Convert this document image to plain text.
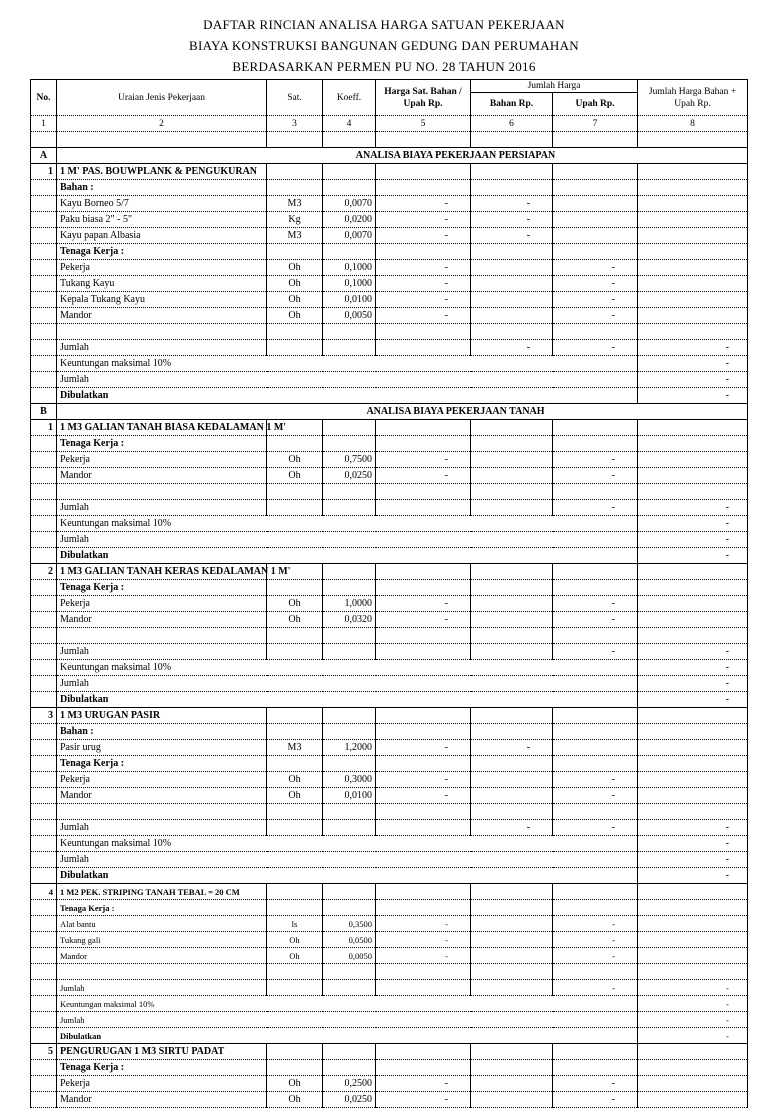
DAFTAR RINCIAN ANALISA HARGA SATUAN PEKERJAAN
BIAYA KONSTRUKSI BANGUNAN GEDUNG DAN PERUMAHAN
BERDASARKAN PERMEN PU NO. 28 TAHUN 2016
No.	Uraian Jenis Pekerjaan	Sat.	Koeff.	Harga Sat. Bahan / Upah Rp.	Jumlah Harga		Jumlah Harga Bahan + Upah Rp.
					Bahan Rp.	Upah Rp.	
1	2	3	4	5	6	7	8

A	ANALISA BIAYA PEKERJAAN PERSIAPAN						
1	1 M' PAS. BOUWPLANK & PENGUKURAN						
	Bahan :						
	Kayu Borneo 5/7	M3	0,0070	-	-		
	Paku biasa 2" - 5"	Kg	0,0200	-	-		
	Kayu papan Albasia	M3	0,0070	-	-		
	Tenaga Kerja :						
	Pekerja	Oh	0,1000	-		-	
	Tukang Kayu	Oh	0,1000	-		-	
	Kepala Tukang Kayu	Oh	0,0100	-		-	
	Mandor	Oh	0,0050	-		-	

	Jumlah				-	-	-
	Keuntungan maksimal 10%						-
	Jumlah						-
	Dibulatkan						-
B	ANALISA BIAYA PEKERJAAN TANAH						
1	1 M3 GALIAN TANAH BIASA KEDALAMAN 1 M'						
	Tenaga Kerja :						
	Pekerja	Oh	0,7500	-		-	
	Mandor	Oh	0,0250	-		-	

	Jumlah					-	-
	Keuntungan maksimal 10%						-
	Jumlah						-
	Dibulatkan						-
2	1 M3 GALIAN TANAH KERAS KEDALAMAN 1 M'						
	Tenaga Kerja :						
	Pekerja	Oh	1,0000	-		-	
	Mandor	Oh	0,0320	-		-	

	Jumlah					-	-
	Keuntungan maksimal 10%						-
	Jumlah						-
	Dibulatkan						-
3	1 M3 URUGAN PASIR						
	Bahan :						
	Pasir urug	M3	1,2000	-	-		
	Tenaga Kerja :						
	Pekerja	Oh	0,3000	-		-	
	Mandor	Oh	0,0100	-		-	

	Jumlah				-	-	-
	Keuntungan maksimal 10%						-
	Jumlah						-
	Dibulatkan						-
4	1 M2 PEK. STRIPING TANAH TEBAL = 20 CM						
	Tenaga Kerja :						
	Alat bantu	ls	0,3500	-		-	
	Tukang gali	Oh	0,0500	-		-	
	Mandor	Oh	0,0050	-		-	

	Jumlah					-	-
	Keuntungan maksimal 10%						-
	Jumlah						-
	Dibulatkan						-
5	PENGURUGAN 1 M3 SIRTU PADAT						
	Tenaga Kerja :						
	Pekerja	Oh	0,2500	-		-	
	Mandor	Oh	0,0250	-		-	
